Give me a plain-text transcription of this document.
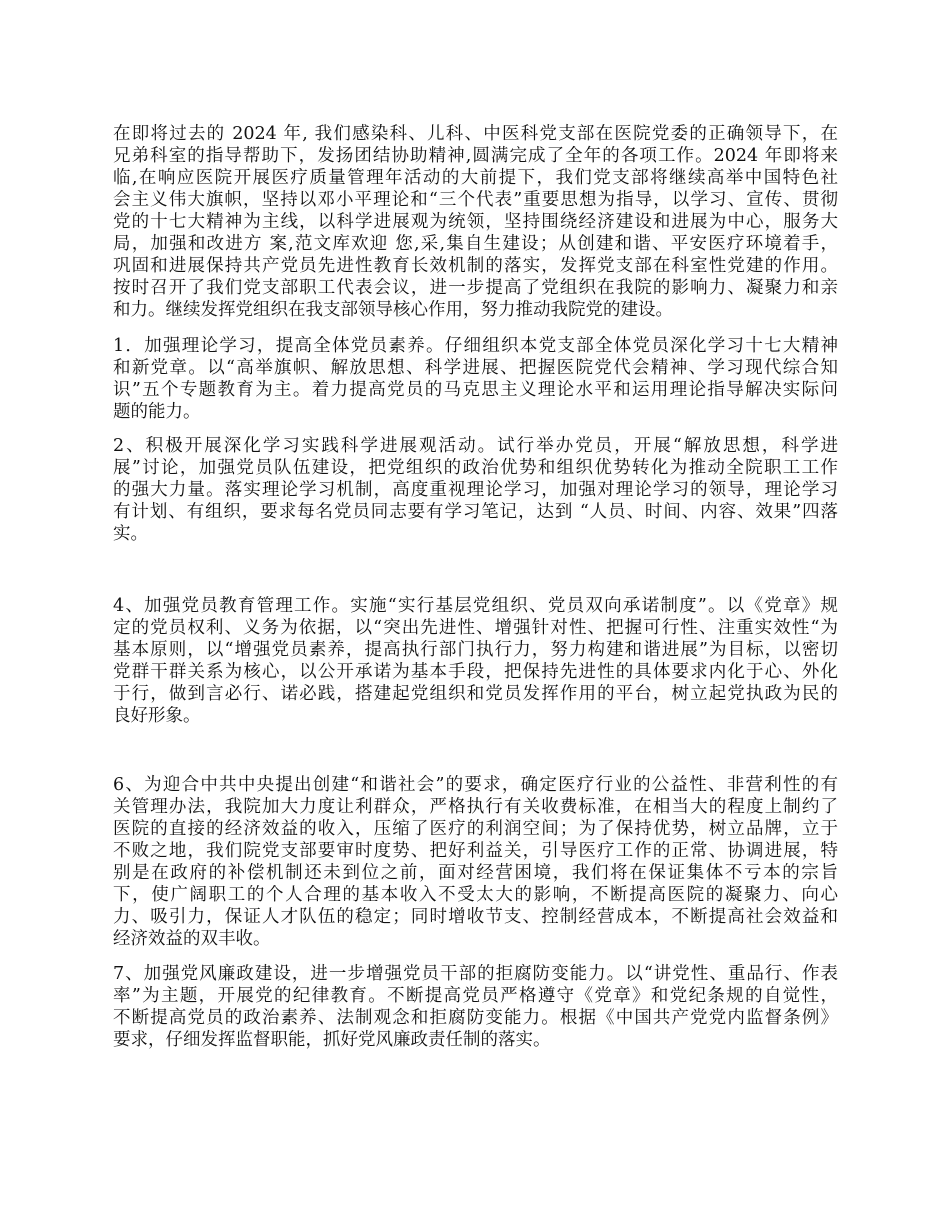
在即将过去的 2024 年, 我们感染科、儿科、中医科党支部在医院党委的正确领导下，在
兄弟科室的指导帮助下，发扬团结协助精神,圆满完成了全年的各项工作。2024 年即将来
临,在响应医院开展医疗质量管理年活动的大前提下，我们党支部将继续高举中国特色社
会主义伟大旗帜，坚持以邓小平理论和“三个代表”重要思想为指导，以学习、宣传、贯彻
党的十七大精神为主线，以科学进展观为统领，坚持围绕经济建设和进展为中心，服务大
局，加强和改进方 案,范文库欢迎 您,采,集自生建设；从创建和谐、平安医疗环境着手，
巩固和进展保持共产党员先进性教育长效机制的落实，发挥党支部在科室性党建的作用。
按时召开了我们党支部职工代表会议，进一步提高了党组织在我院的影响力、凝聚力和亲
和力。继续发挥党组织在我支部领导核心作用，努力推动我院党的建设。
1．加强理论学习，提高全体党员素养。仔细组织本党支部全体党员深化学习十七大精神
和新党章。以“高举旗帜、解放思想、科学进展、把握医院党代会精神、学习现代综合知
识”五个专题教育为主。着力提高党员的马克思主义理论水平和运用理论指导解决实际问
题的能力。
2、积极开展深化学习实践科学进展观活动。试行举办党员，开展“解放思想，科学进
展”讨论，加强党员队伍建设，把党组织的政治优势和组织优势转化为推动全院职工工作
的强大力量。落实理论学习机制，高度重视理论学习，加强对理论学习的领导，理论学习
有计划、有组织，要求每名党员同志要有学习笔记，达到 “人员、时间、内容、效果”四落
实。
4、加强党员教育管理工作。实施“实行基层党组织、党员双向承诺制度”。以《党章》规
定的党员权利、义务为依据，以“突出先进性、增强针对性、把握可行性、注重实效性“为
基本原则，以“增强党员素养，提高执行部门执行力，努力构建和谐进展”为目标，以密切
党群干群关系为核心，以公开承诺为基本手段，把保持先进性的具体要求内化于心、外化
于行，做到言必行、诺必践，搭建起党组织和党员发挥作用的平台，树立起党执政为民的
良好形象。
6、为迎合中共中央提出创建“和谐社会”的要求，确定医疗行业的公益性、非营利性的有
关管理办法，我院加大力度让利群众，严格执行有关收费标准，在相当大的程度上制约了
医院的直接的经济效益的收入，压缩了医疗的利润空间；为了保持优势，树立品牌，立于
不败之地，我们院党支部要审时度势、把好利益关，引导医疗工作的正常、协调进展，特
别是在政府的补偿机制还未到位之前，面对经营困境，我们将在保证集体不亏本的宗旨
下，使广阔职工的个人合理的基本收入不受太大的影响，不断提高医院的凝聚力、向心
力、吸引力，保证人才队伍的稳定；同时增收节支、控制经营成本，不断提高社会效益和
经济效益的双丰收。
7、加强党风廉政建设，进一步增强党员干部的拒腐防变能力。以“讲党性、重品行、作表
率”为主题，开展党的纪律教育。不断提高党员严格遵守《党章》和党纪条规的自觉性，
不断提高党员的政治素养、法制观念和拒腐防变能力。根据《中国共产党党内监督条例》
要求，仔细发挥监督职能，抓好党风廉政责任制的落实。
